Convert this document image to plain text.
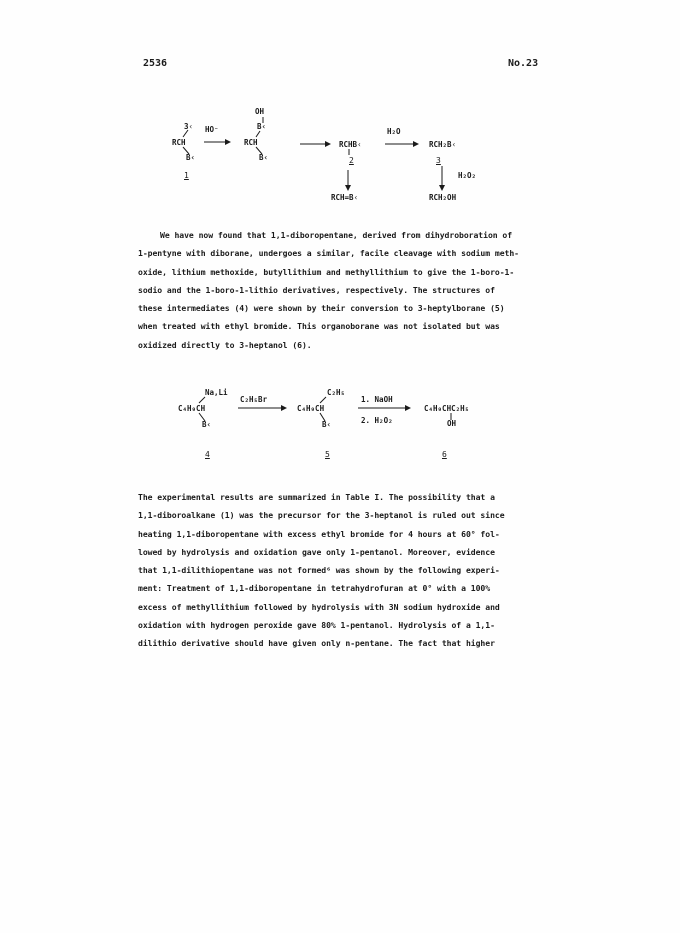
2536	No.23
3‹
RCH
B‹
HO⁻
OH
B‹
RCH
B‹
RCHB‹
H₂O
RCH₂B‹
H₂O₂
RCH=B‹	RCH₂OH
1
2	3
We have now found that 1,1-diboropentane, derived from dihydroboration of
1-pentyne with diborane, undergoes a similar, facile cleavage with sodium meth-
oxide, lithium methoxide, butyllithium and methyllithium to give the 1-boro-1-
sodio and the 1-boro-1-lithio derivatives, respectively. The structures of
these intermediates (4) were shown by their conversion to 3-heptylborane (5)
when treated with ethyl bromide. This organoborane was not isolated but was
oxidized directly to 3-heptanol (6).
Na,Li
C₄H₉CH
B‹
C₂H₅Br
C₂H₅
C₄H₉CH
B‹
1. NaOH
2. H₂O₂
C₄H₉CHC₂H₅
OH
4	5	6
The experimental results are summarized in Table I. The possibility that a
1,1-diboroalkane (1) was the precursor for the 3-heptanol is ruled out since
heating 1,1-diboropentane with excess ethyl bromide for 4 hours at 60° fol-
lowed by hydrolysis and oxidation gave only 1-pentanol. Moreover, evidence
that 1,1-dilithiopentane was not formed⁶ was shown by the following experi-
ment: Treatment of 1,1-diboropentane in tetrahydrofuran at 0° with a 100%
excess of methyllithium followed by hydrolysis with 3N sodium hydroxide and
oxidation with hydrogen peroxide gave 80% 1-pentanol. Hydrolysis of a 1,1-
dilithio derivative should have given only n-pentane. The fact that higher
